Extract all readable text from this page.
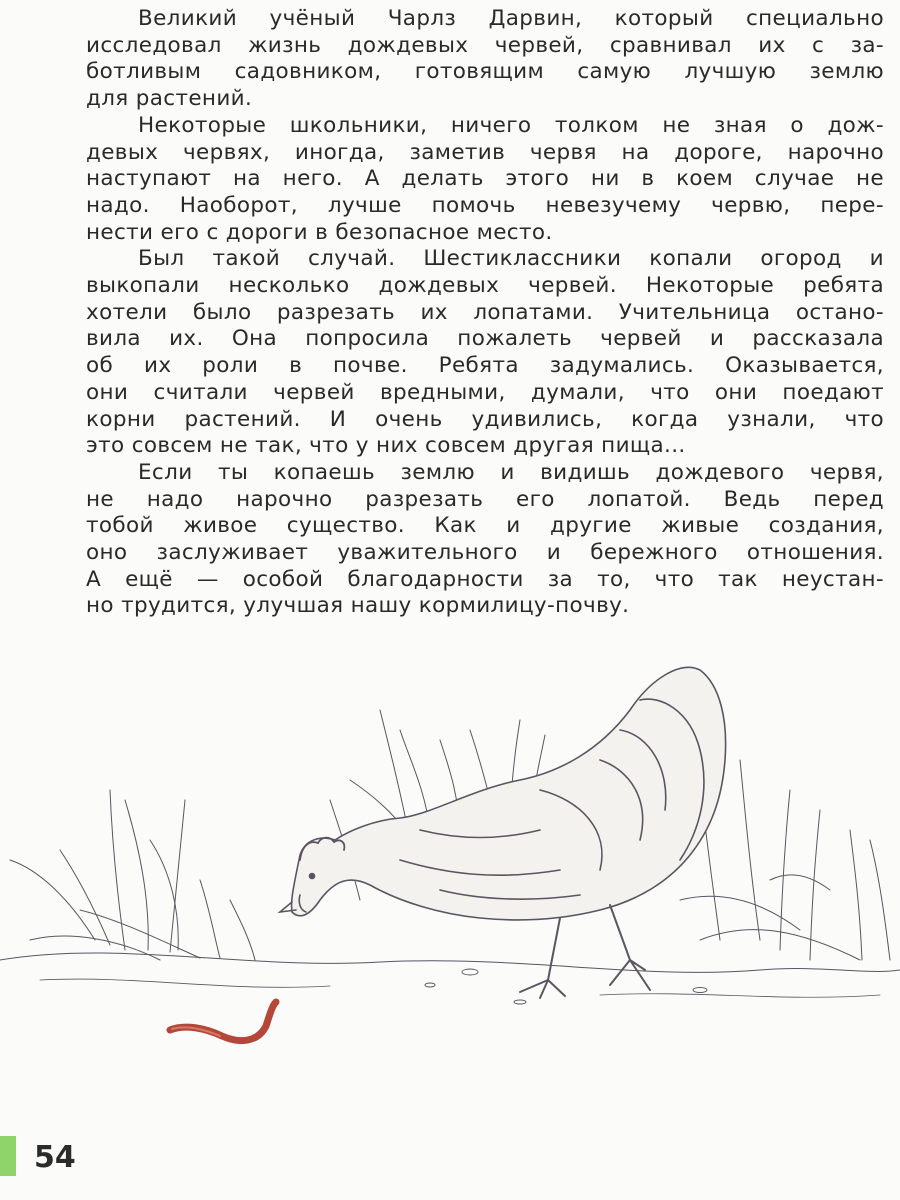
Великий учёный Чарлз Дарвин, который специально
исследовал жизнь дождевых червей, сравнивал их с за-
ботливым садовником, готовящим самую лучшую землю
для растений.

Некоторые школьники, ничего толком не зная о дож-
девых червях, иногда, заметив червя на дороге, нарочно
наступают на него. А делать этого ни в коем случае не
надо. Наоборот, лучше помочь невезучему червю, пере-
нести его с дороги в безопасное место.

Был такой случай. Шестиклассники копали огород и
выкопали несколько дождевых червей. Некоторые ребята
хотели было разрезать их лопатами. Учительница остано-
вила их. Она попросила пожалеть червей и рассказала
об их роли в почве. Ребята задумались. Оказывается,
они считали червей вредными, думали, что они поедают
корни растений. И очень удивились, когда узнали, что
это совсем не так, что у них совсем другая пища...

Если ты копаешь землю и видишь дождевого червя,
не надо нарочно разрезать его лопатой. Ведь перед
тобой живое существо. Как и другие живые создания,
оно заслуживает уважительного и бережного отношения.
А ещё — особой благодарности за то, что так неустан-
но трудится, улучшая нашу кормилицу-почву.

54
